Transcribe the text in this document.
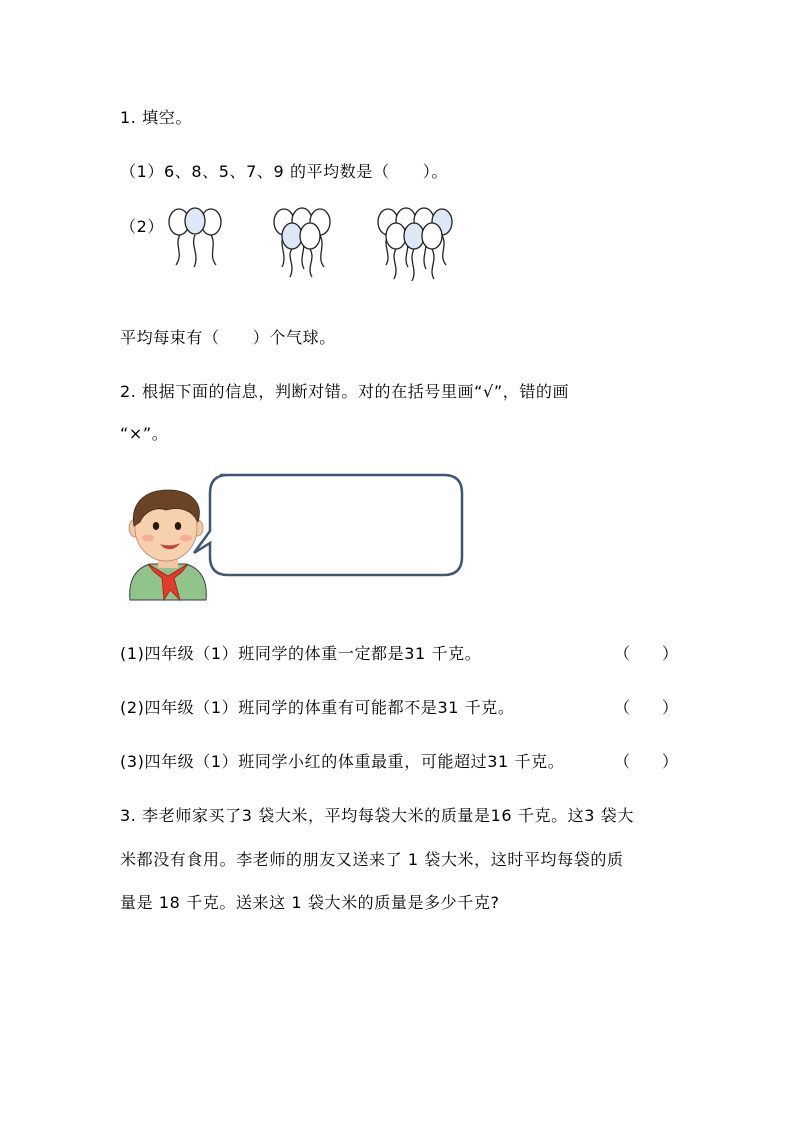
1. 填空。
（1）6、8、5、7、9 的平均数是（　　）。
（2）
平均每束有（　　）个气球。
2. 根据下面的信息，判断对错。对的在括号里画“√”，错的画
“×”。
(1)四年级（1）班同学的体重一定都是31 千克。	（　　）
(2)四年级（1）班同学的体重有可能都不是31 千克。	（　　）
(3)四年级（1）班同学小红的体重最重，可能超过31 千克。	（　　）
3. 李老师家买了3 袋大米，平均每袋大米的质量是16 千克。这3 袋大
米都没有食用。李老师的朋友又送来了 1 袋大米，这时平均每袋的质
量是 18 千克。送来这 1 袋大米的质量是多少千克?
